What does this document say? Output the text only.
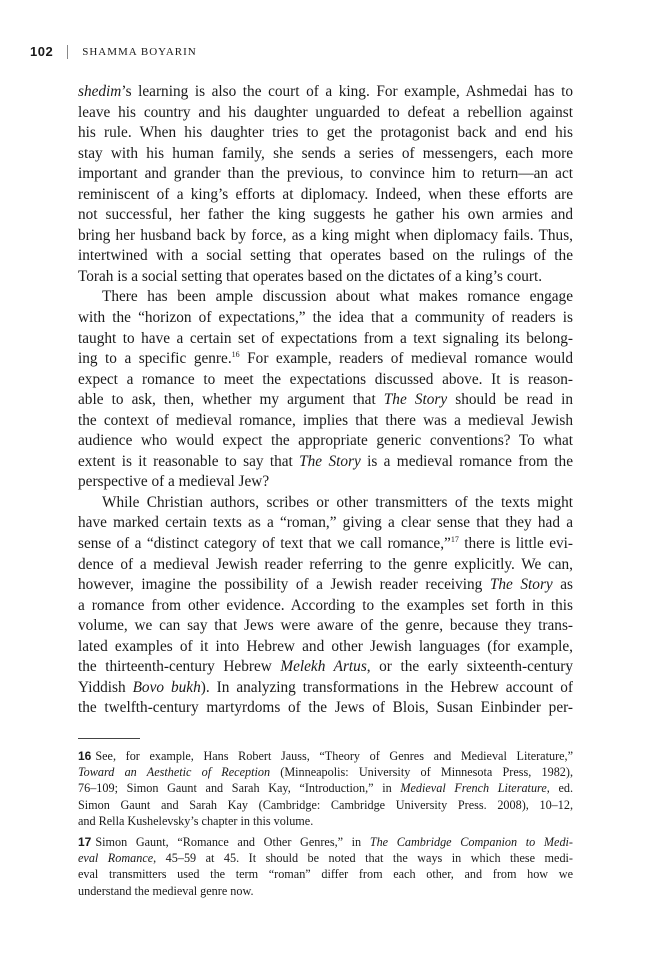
102	SHAMMA BOYARIN
shedim’s learning is also the court of a king. For example, Ashmedai has to
leave his country and his daughter unguarded to defeat a rebellion against
his rule. When his daughter tries to get the protagonist back and end his
stay with his human family, she sends a series of messengers, each more
important and grander than the previous, to convince him to return—an act
reminiscent of a king’s efforts at diplomacy. Indeed, when these efforts are
not successful, her father the king suggests he gather his own armies and
bring her husband back by force, as a king might when diplomacy fails. Thus,
intertwined with a social setting that operates based on the rulings of the
Torah is a social setting that operates based on the dictates of a king’s court.
There has been ample discussion about what makes romance engage
with the “horizon of expectations,” the idea that a community of readers is
taught to have a certain set of expectations from a text signaling its belong-
ing to a specific genre.$^{16}$ For example, readers of medieval romance would
expect a romance to meet the expectations discussed above. It is reason-
able to ask, then, whether my argument that The Story should be read in
the context of medieval romance, implies that there was a medieval Jewish
audience who would expect the appropriate generic conventions? To what
extent is it reasonable to say that The Story is a medieval romance from the
perspective of a medieval Jew?
While Christian authors, scribes or other transmitters of the texts might
have marked certain texts as a “roman,” giving a clear sense that they had a
sense of a “distinct category of text that we call romance,”$^{17}$ there is little evi-
dence of a medieval Jewish reader referring to the genre explicitly. We can,
however, imagine the possibility of a Jewish reader receiving The Story as
a romance from other evidence. According to the examples set forth in this
volume, we can say that Jews were aware of the genre, because they trans-
lated examples of it into Hebrew and other Jewish languages (for example,
the thirteenth-century Hebrew Melekh Artus, or the early sixteenth-century
Yiddish Bovo bukh). In analyzing transformations in the Hebrew account of
the twelfth-century martyrdoms of the Jews of Blois, Susan Einbinder per-
16 See, for example, Hans Robert Jauss, “Theory of Genres and Medieval Literature,”
Toward an Aesthetic of Reception (Minneapolis: University of Minnesota Press, 1982),
76–109; Simon Gaunt and Sarah Kay, “Introduction,” in Medieval French Literature, ed.
Simon Gaunt and Sarah Kay (Cambridge: Cambridge University Press. 2008), 10–12,
and Rella Kushelevsky’s chapter in this volume.
17 Simon Gaunt, “Romance and Other Genres,” in The Cambridge Companion to Medi-
eval Romance, 45–59 at 45. It should be noted that the ways in which these medi-
eval transmitters used the term “roman” differ from each other, and from how we
understand the medieval genre now.
